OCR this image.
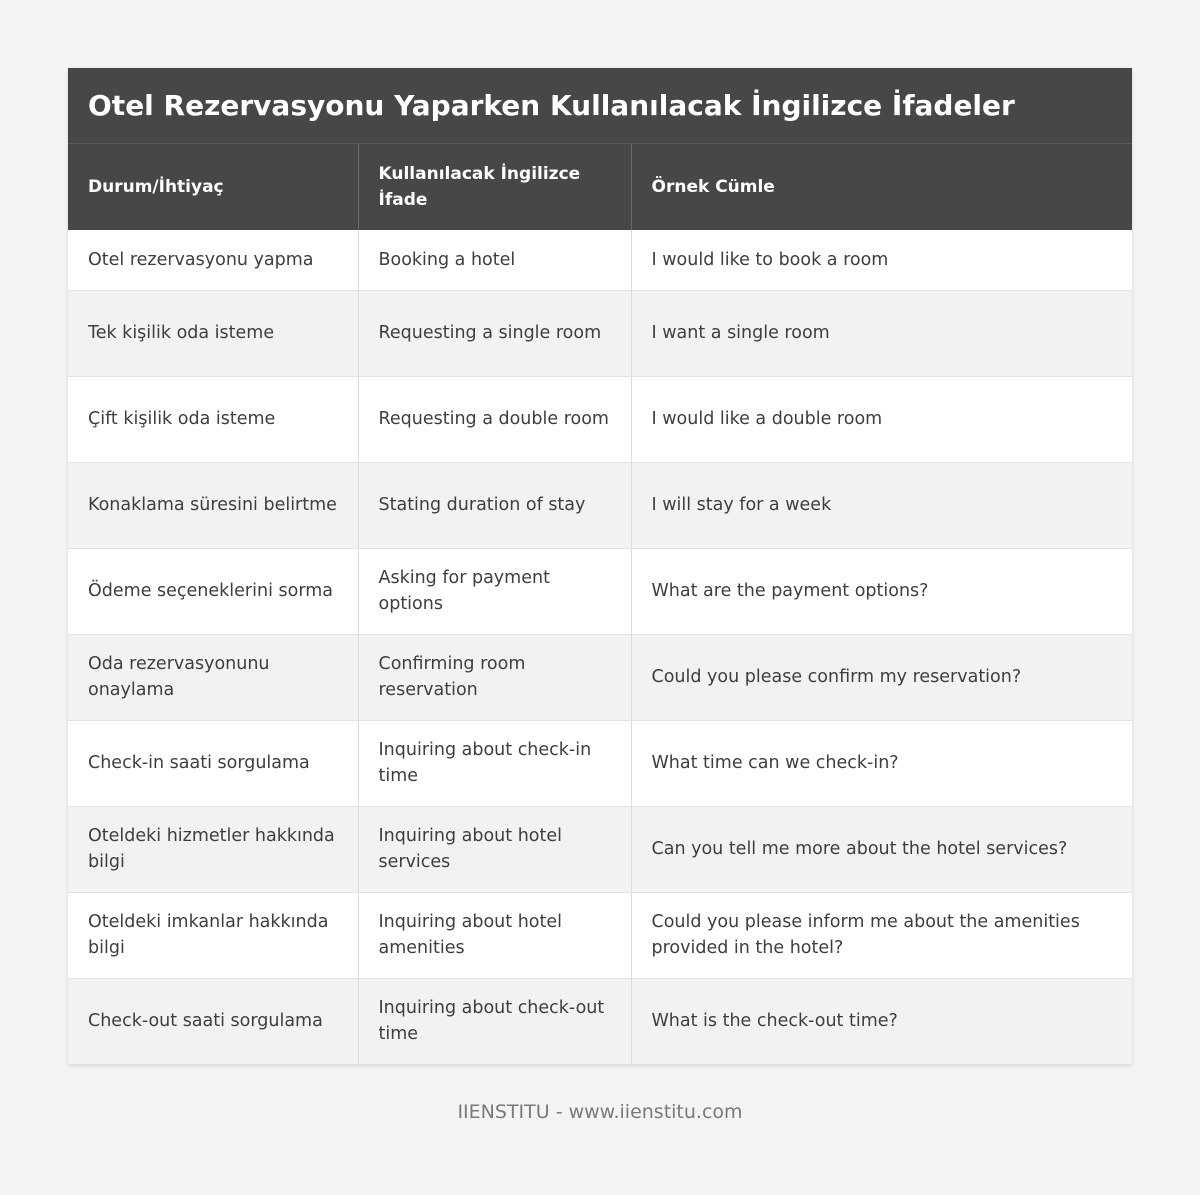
Otel Rezervasyonu Yaparken Kullanılacak İngilizce İfadeler
Durum/İhtiyaç	Kullanılacak İngilizce İfade	Örnek Cümle
Otel rezervasyonu yapma	Booking a hotel	I would like to book a room
Tek kişilik oda isteme	Requesting a single room	I want a single room
Çift kişilik oda isteme	Requesting a double room	I would like a double room
Konaklama süresini belirtme	Stating duration of stay	I will stay for a week
Ödeme seçeneklerini sorma	Asking for payment options	What are the payment options?
Oda rezervasyonunu onaylama	Confirming room reservation	Could you please confirm my reservation?
Check-in saati sorgulama	Inquiring about check-in time	What time can we check-in?
Oteldeki hizmetler hakkında bilgi	Inquiring about hotel services	Can you tell me more about the hotel services?
Oteldeki imkanlar hakkında bilgi	Inquiring about hotel amenities	Could you please inform me about the amenities provided in the hotel?
Check-out saati sorgulama	Inquiring about check-out time	What is the check-out time?
IIENSTITU - www.iienstitu.com
